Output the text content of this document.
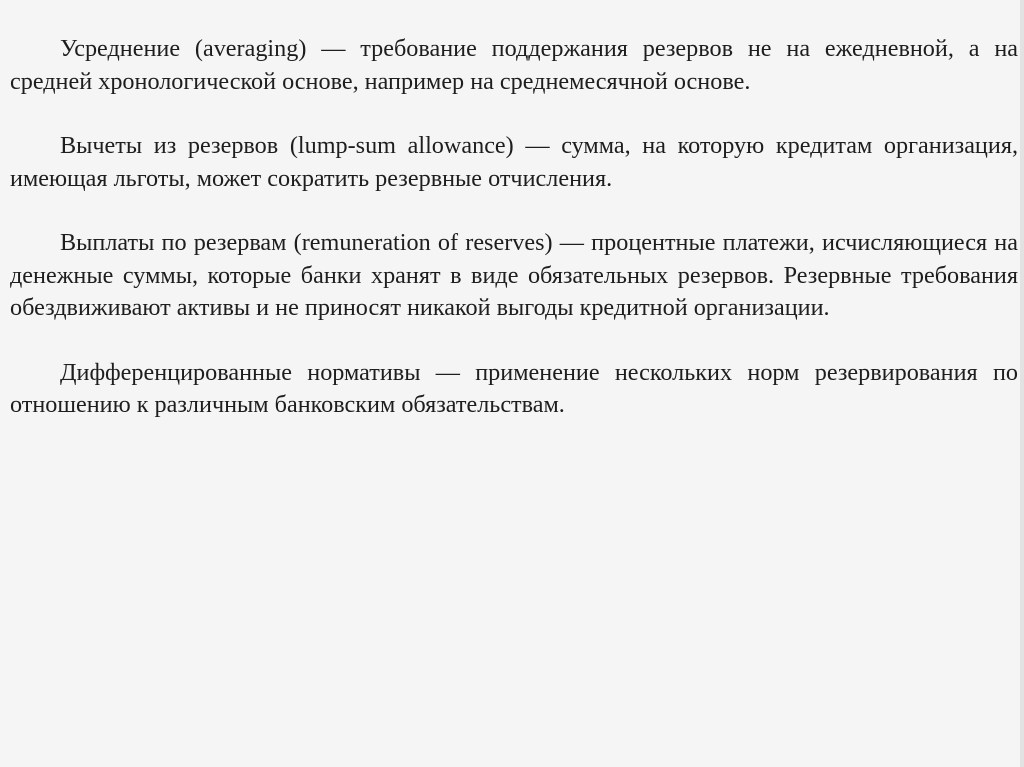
Усреднение (averaging) — требование поддержания резервов не на ежедневной, а на средней хронологической основе, например на среднемесячной основе.

Вычеты из резервов (lump-sum allowance) — сумма, на которую кредитам организация, имеющая льготы, может сократить резервные отчисления.

Выплаты по резервам (remuneration of reserves) — процентные платежи, исчисляющиеся на денежные суммы, которые банки хранят в виде обязательных резервов. Резервные требования обездвиживают активы и не приносят никакой выгоды кредитной организации.

Дифференцированные нормативы — применение нескольких норм резервирования по отношению к различным банковским обязательствам.
